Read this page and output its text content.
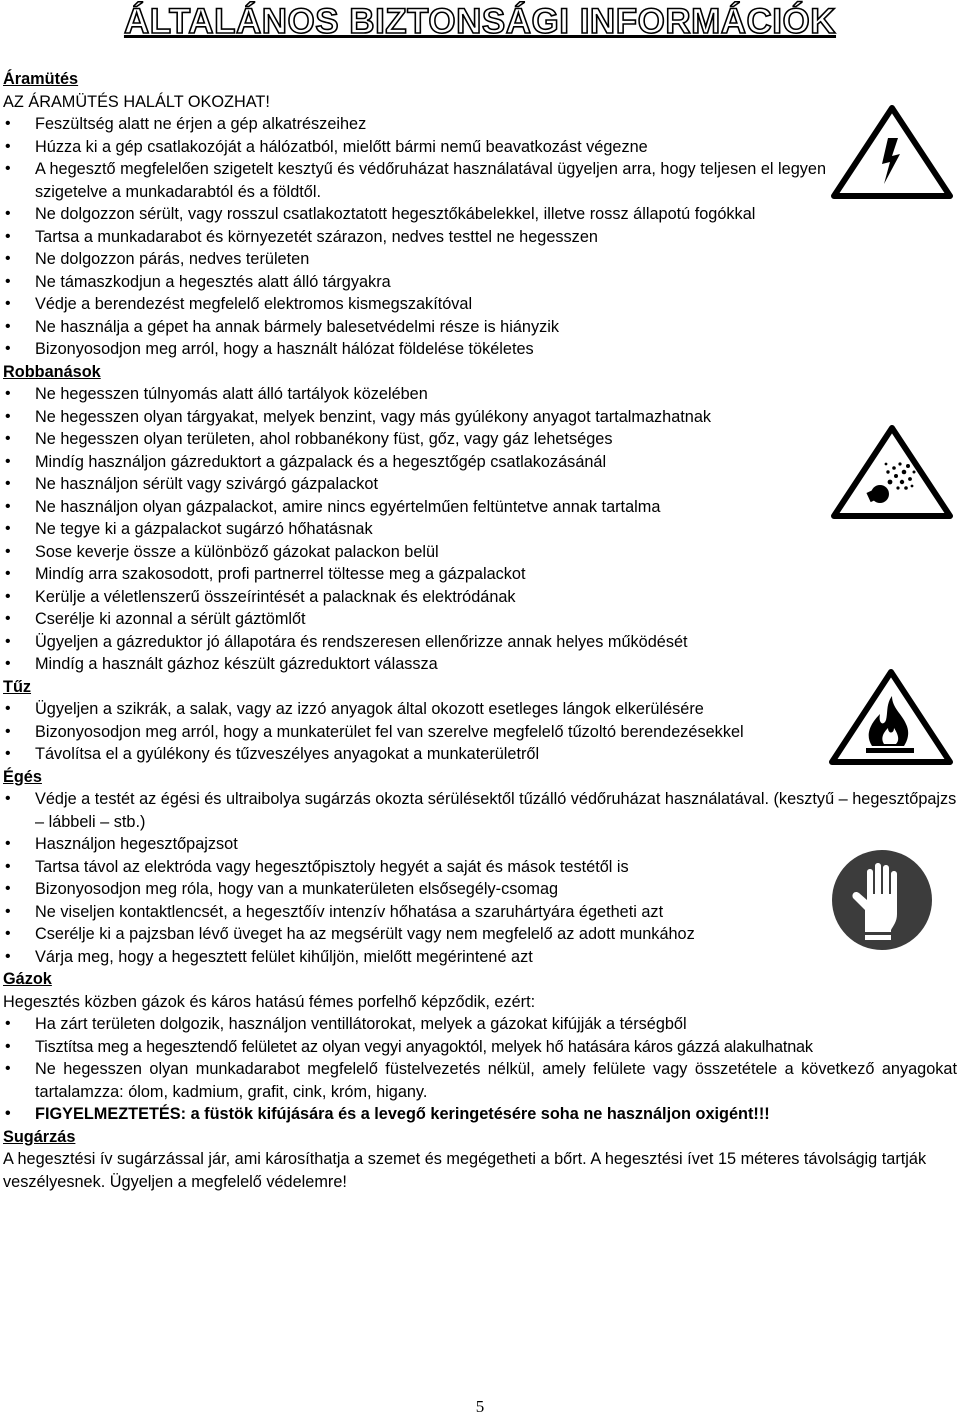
ÁLTALÁNOS BIZTONSÁGI INFORMÁCIÓK
Áramütés
AZ ÁRAMÜTÉS HALÁLT OKOZHAT!
• Feszültség alatt ne érjen a gép alkatrészeihez
• Húzza ki a gép csatlakozóját a hálózatból, mielőtt bármi nemű beavatkozást végezne
• A hegesztő megfelelően szigetelt kesztyű és védőruházat használatával ügyeljen arra, hogy teljesen el legyen szigetelve a munkadarabtól és a földtől.
• Ne dolgozzon sérült, vagy rosszul csatlakoztatott hegesztőkábelekkel, illetve rossz állapotú fogókkal
• Tartsa a munkadarabot és környezetét szárazon, nedves testtel ne hegesszen
• Ne dolgozzon párás, nedves területen
• Ne támaszkodjun a hegesztés alatt álló tárgyakra
• Védje a berendezést megfelelő elektromos kismegszakítóval
• Ne használja a gépet ha annak bármely balesetvédelmi része is hiányzik
• Bizonyosodjon meg arról, hogy a használt hálózat földelése tökéletes
Robbanások
• Ne hegesszen túlnyomás alatt álló tartályok közelében
• Ne hegesszen olyan tárgyakat, melyek benzint, vagy más gyúlékony anyagot tartalmazhatnak
• Ne hegesszen olyan területen, ahol robbanékony füst, gőz, vagy gáz lehetséges
• Mindíg használjon gázreduktort a gázpalack és a hegesztőgép csatlakozásánál
• Ne használjon sérült vagy szivárgó gázpalackot
• Ne használjon olyan gázpalackot, amire nincs egyértelműen feltüntetve annak tartalma
• Ne tegye ki a gázpalackot sugárzó hőhatásnak
• Sose keverje össze a különböző gázokat palackon belül
• Mindíg arra szakosodott, profi partnerrel töltesse meg a gázpalackot
• Kerülje a véletlenszerű összeírintését a palacknak és elektródának
• Cserélje ki azonnal a sérült gáztömlőt
• Ügyeljen a gázreduktor jó állapotára és rendszeresen ellenőrizze annak helyes működését
• Mindíg a használt gázhoz készült gázreduktort válassza
Tűz
• Ügyeljen a szikrák, a salak, vagy az izzó anyagok által okozott esetleges lángok elkerülésére
• Bizonyosodjon meg arról, hogy a munkaterület fel van szerelve megfelelő tűzoltó berendezésekkel
• Távolítsa el a gyúlékony és tűzveszélyes anyagokat a munkaterületről
Égés
• Védje a testét az égési és ultraibolya sugárzás okozta sérülésektől tűzálló védőruházat használatával. (kesztyű – hegesztőpajzs – lábbeli – stb.)
• Használjon hegesztőpajzsot
• Tartsa távol az elektróda vagy hegesztőpisztoly hegyét a saját és mások testétől is
• Bizonyosodjon meg róla, hogy van a munkaterületen elsősegély-csomag
• Ne viseljen kontaktlencsét, a hegesztőív intenzív hőhatása a szaruhártyára égetheti azt
• Cserélje ki a pajzsban lévő üveget ha az megsérült vagy nem megfelelő az adott munkához
• Várja meg, hogy a hegesztett felület kihűljön, mielőtt megérintené azt
Gázok
Hegesztés közben gázok és káros hatású fémes porfelhő képződik, ezért:
• Ha zárt területen dolgozik, használjon ventillátorokat, melyek a gázokat kifújják a térségből
• Tisztítsa meg a hegesztendő felületet az olyan vegyi anyagoktól, melyek hő hatására káros gázzá alakulhatnak
• Ne hegesszen olyan munkadarabot megfelelő füstelvezetés nélkül, amely felülete vagy összetétele a következő anyagokat tartalamzza: ólom, kadmium, grafit, cink, króm, higany.
• FIGYELMEZTETÉS: a füstök kifújására és a levegő keringetésére soha ne használjon oxigént!!!
Sugárzás
A hegesztési ív sugárzással jár, ami károsíthatja a szemet és megégetheti a bőrt. A hegesztési ívet 15 méteres távolságig tartják veszélyesnek. Ügyeljen a megfelelő védelemre!
5
